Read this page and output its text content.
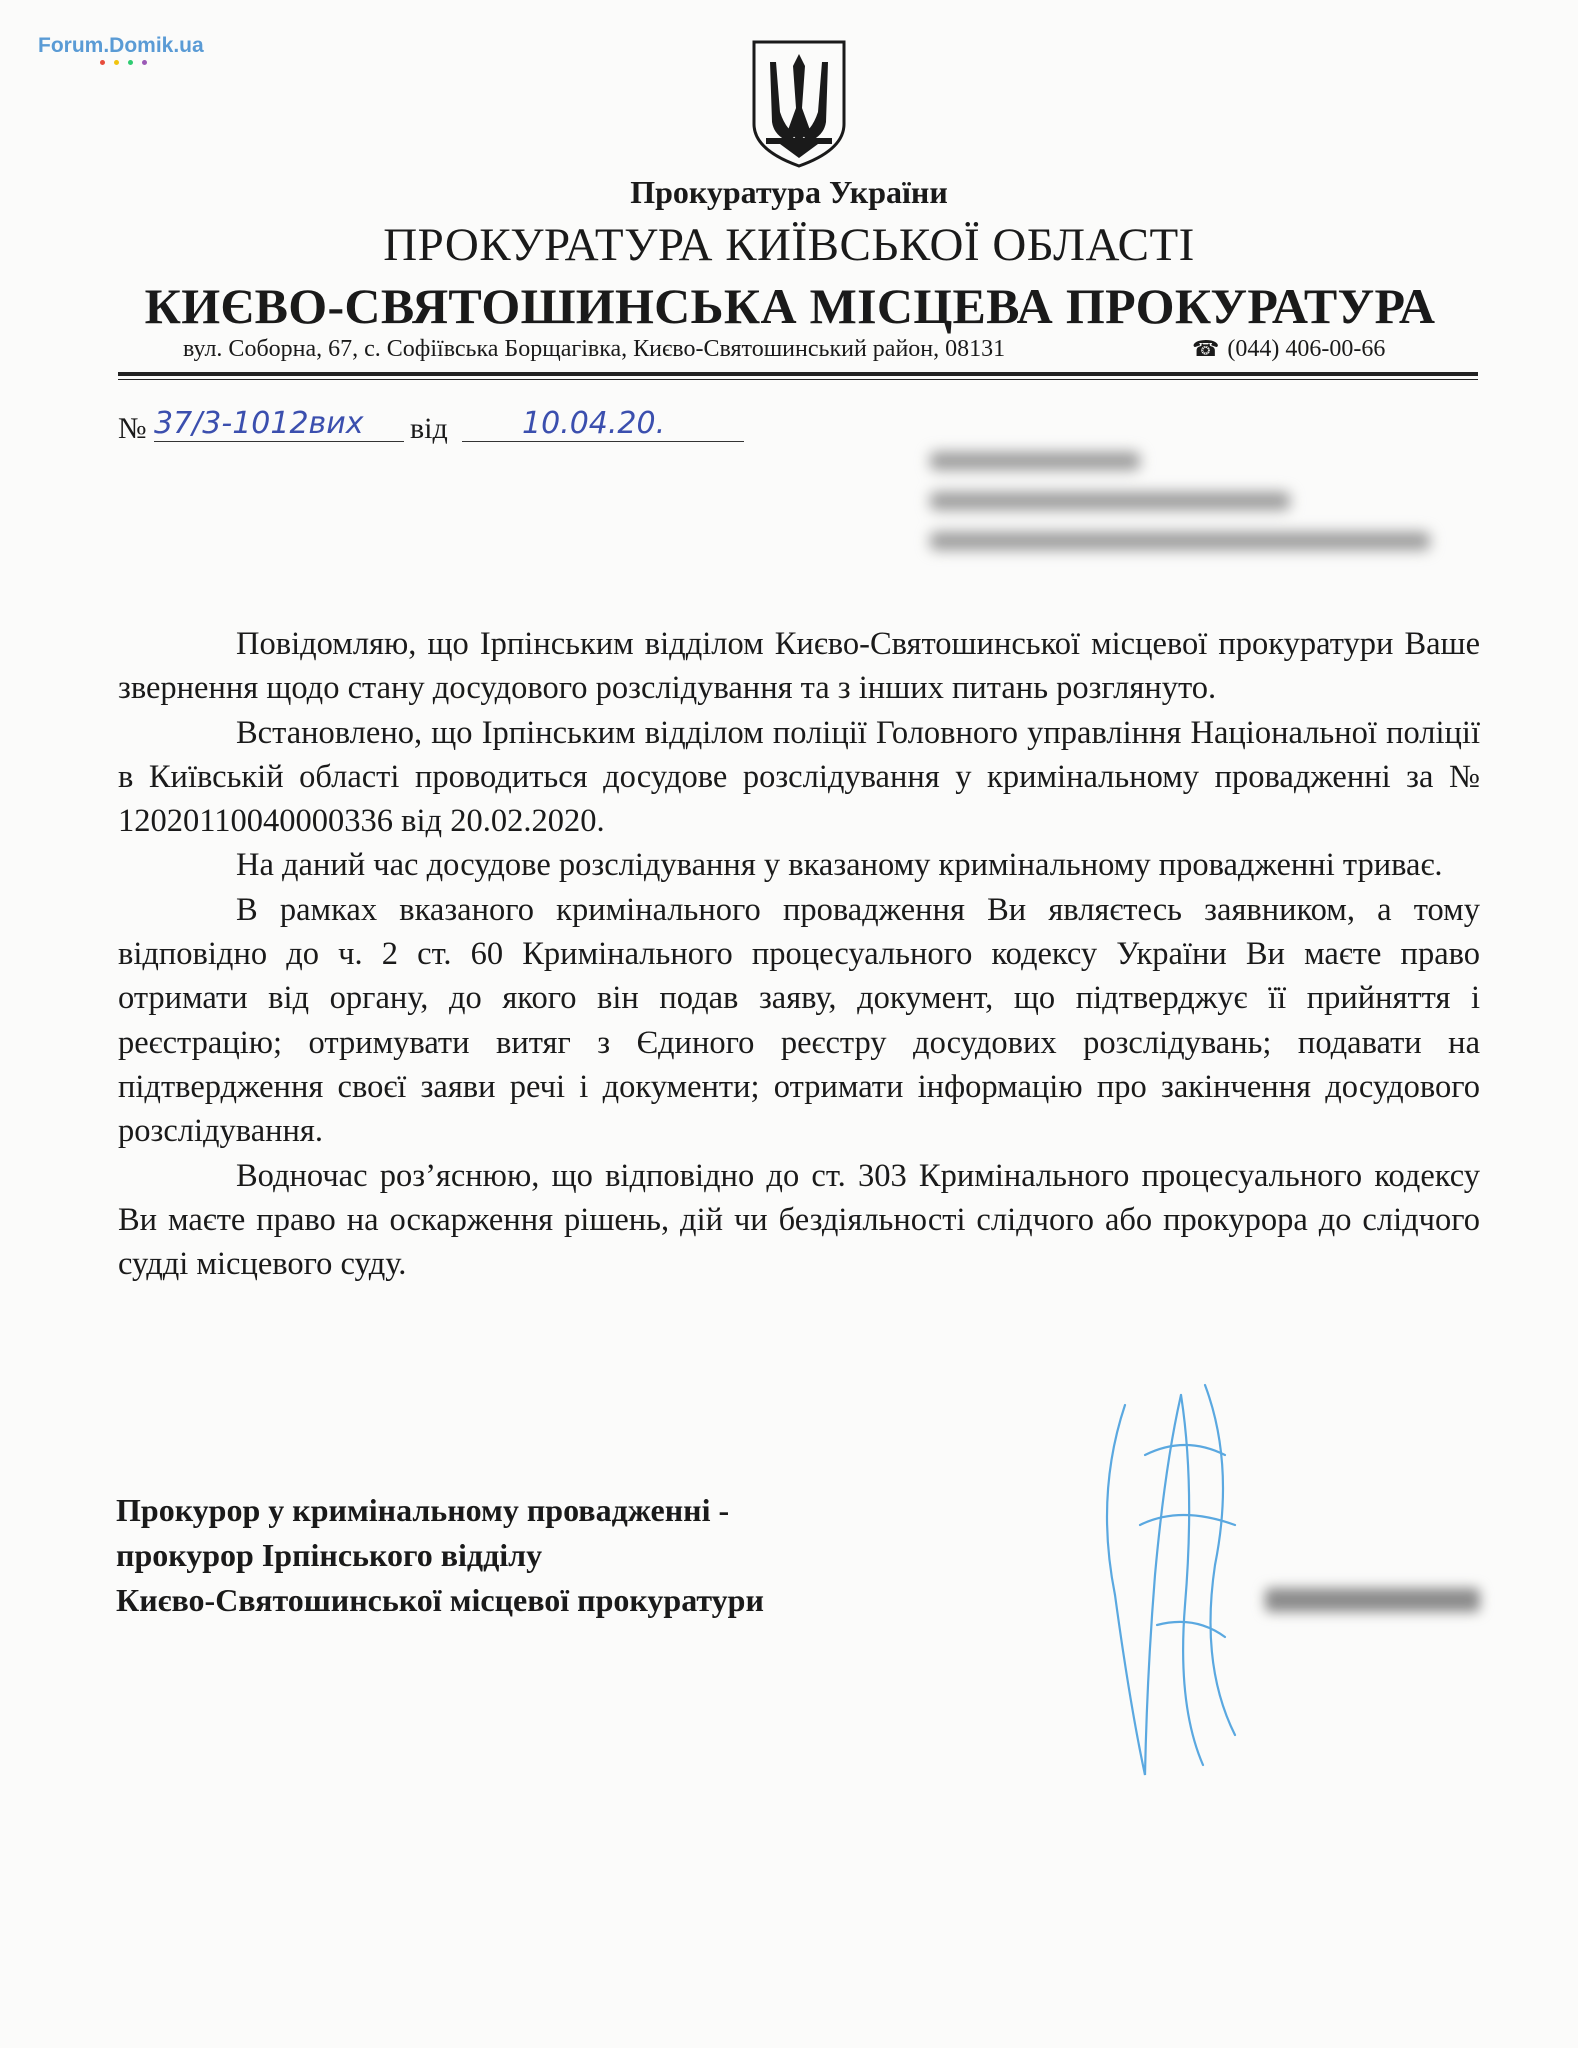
Forum.Domik.ua
Прокуратура України
ПРОКУРАТУРА КИЇВСЬКОЇ ОБЛАСТІ
КИЄВО-СВЯТОШИНСЬКА МІСЦЕВА ПРОКУРАТУРА
вул. Соборна, 67, с. Софіївська Борщагівка, Києво-Святошинський район, 08131	☎ (044) 406-00-66
№ 37/3-1012вих	від	10.04.20.

Повідомляю, що Ірпінським відділом Києво-Святошинської місцевої прокуратури Ваше звернення щодо стану досудового розслідування та з інших питань розглянуто.

Встановлено, що Ірпінським відділом поліції Головного управління Національної поліції в Київській області проводиться досудове розслідування у кримінальному провадженні за № 12020110040000336 від 20.02.2020.

На даний час досудове розслідування у вказаному кримінальному провадженні триває.

В рамках вказаного кримінального провадження Ви являєтесь заявником, а тому відповідно до ч. 2 ст. 60 Кримінального процесуального кодексу України Ви маєте право отримати від органу, до якого він подав заяву, документ, що підтверджує її прийняття і реєстрацію; отримувати витяг з Єдиного реєстру досудових розслідувань; подавати на підтвердження своєї заяви речі і документи; отримати інформацію про закінчення досудового розслідування.

Водночас роз’яснюю, що відповідно до ст. 303 Кримінального процесуального кодексу Ви маєте право на оскарження рішень, дій чи бездіяльності слідчого або прокурора до слідчого судді місцевого суду.

Прокурор у кримінальному провадженні -
прокурор Ірпінського відділу
Києво-Святошинської місцевої прокуратури
